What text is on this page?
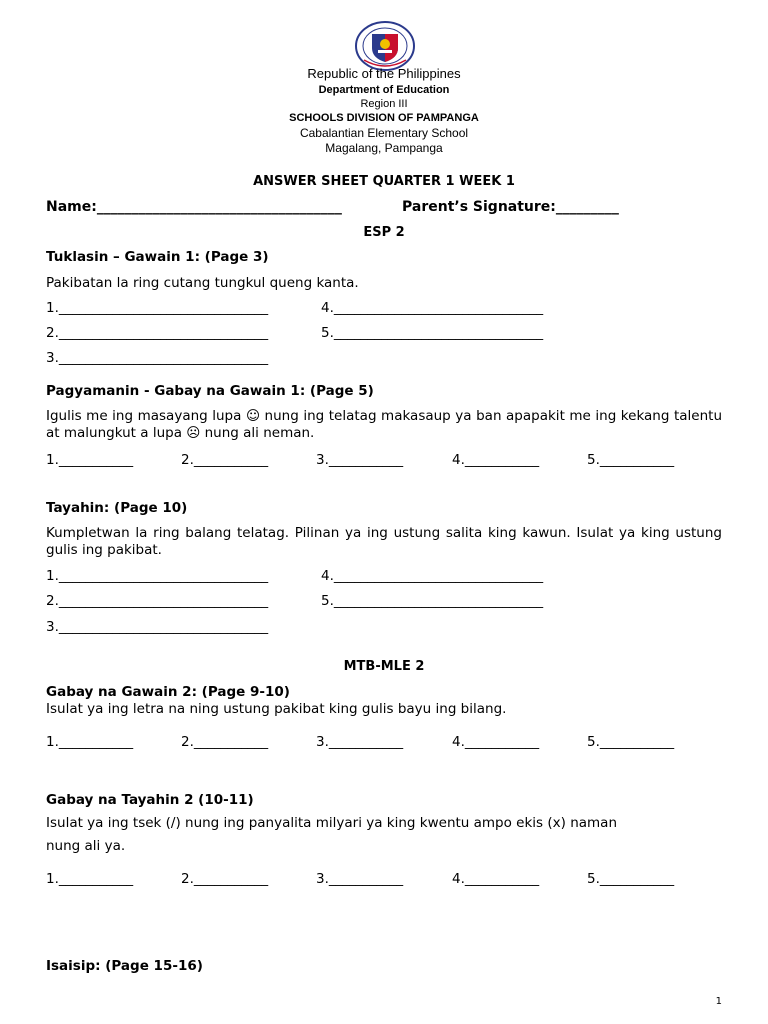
Republic of the Philippines
Department of Education
Region III
SCHOOLS DIVISION OF PAMPANGA
Cabalantian Elementary School
Magalang, Pampanga
ANSWER SHEET QUARTER 1 WEEK 1
Name:___________________________________	Parent’s Signature:_________
ESP 2
Tuklasin – Gawain 1: (Page 3)
Pakibatan la ring cutang tungkul queng kanta.
1._______________________________	4._______________________________
2._______________________________	5._______________________________
3._______________________________
Pagyamanin - Gabay na Gawain 1: (Page 5)
Igulis me ing masayang lupa ☺ nung ing telatag makasaup ya ban apapakit me ing kekang talentu at malungkut a lupa ☹ nung ali neman.
1.___________	2.___________	3.___________	4.___________	5.___________
Tayahin: (Page 10)
Kumpletwan la ring balang telatag. Pilinan ya ing ustung salita king kawun. Isulat ya king ustung gulis ing pakibat.
1._______________________________	4._______________________________
2._______________________________	5._______________________________
3._______________________________
MTB-MLE 2
Gabay na Gawain 2: (Page 9-10)
Isulat ya ing letra na ning ustung pakibat king gulis bayu ing bilang.
1.___________	2.___________	3.___________	4.___________	5.___________
Gabay na Tayahin 2 (10-11)
Isulat ya ing tsek (/) nung ing panyalita milyari ya king kwentu ampo ekis (x) naman
nung ali ya.
1.___________	2.___________	3.___________	4.___________	5.___________
Isaisip: (Page 15-16)
1
